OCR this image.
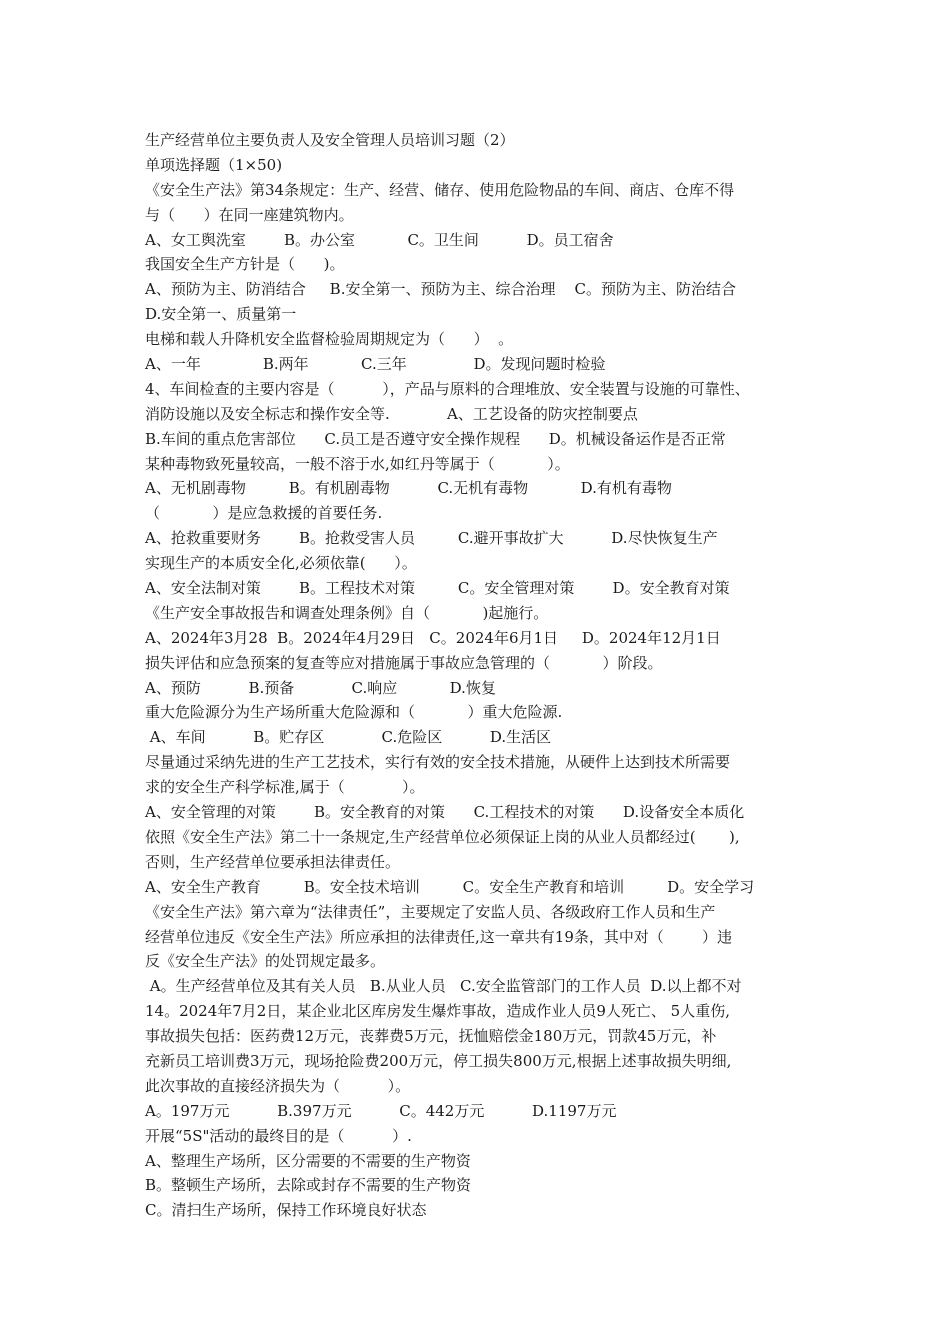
生产经营单位主要负责人及安全管理人员培训习题（2）
单项选择题（1×50)
《安全生产法》第34条规定：生产、经营、储存、使用危险物品的车间、商店、仓库不得
与（      ）在同一座建筑物内。
A、女工舆洗室        B。办公室           C。卫生间          D。员工宿舍
我国安全生产方针是（      )。
A、预防为主、防消结合     B.安全第一、预防为主、综合治理    C。预防为主、防治结合
D.安全第一、质量第一
电梯和载人升降机安全监督检验周期规定为（      ）  。
A、一年             B.两年           C.三年              D。发现问题时检验
4、车间检查的主要内容是（          ），产品与原料的合理堆放、安全装置与设施的可靠性、
消防设施以及安全标志和操作安全等.            A、工艺设备的防灾控制要点
B.车间的重点危害部位      C.员工是否遵守安全操作规程      D。机械设备运作是否正常
某种毒物致死量较高，一般不溶于水,如红丹等属于（           ）。
A、无机剧毒物         B。有机剧毒物          C.无机有毒物           D.有机有毒物
（           ）是应急救援的首要任务.
A、抢救重要财务        B。抢救受害人员         C.避开事故扩大          D.尽快恢复生产
实现生产的本质安全化,必须依靠(      ）。
A、安全法制对策        B。工程技术对策         C。安全管理对策        D。安全教育对策
《生产安全事故报告和调查处理条例》自（           )起施行。
A、2024年3月28  B。2024年4月29日   C。2024年6月1日     D。2024年12月1日
损失评估和应急预案的复查等应对措施属于事故应急管理的（           ）阶段。
A、预防          B.预备            C.响应           D.恢复
重大危险源分为生产场所重大危险源和（           ）重大危险源.
A、车间          B。贮存区            C.危险区          D.生活区
尽量通过采纳先进的生产工艺技术，实行有效的安全技术措施，从硬件上达到技术所需要
求的安全生产科学标准,属于（            ）。
A、安全管理的对策        B。安全教育的对策      C.工程技术的对策      D.设备安全本质化
依照《安全生产法》第二十一条规定,生产经营单位必须保证上岗的从业人员都经过(       ),
否则，生产经营单位要承担法律责任。
A、安全生产教育         B。安全技术培训         C。安全生产教育和培训         D。安全学习
《安全生产法》第六章为“法律责任”，主要规定了安监人员、各级政府工作人员和生产
经营单位违反《安全生产法》所应承担的法律责任,这一章共有19条，其中对（        ）违
反《安全生产法》的处罚规定最多。
A。生产经营单位及其有关人员   B.从业人员   C.安全监管部门的工作人员  D.以上都不对
14。2024年7月2日，某企业北区库房发生爆炸事故，造成作业人员9人死亡、 5人重伤,
事故损失包括：医药费12万元，丧葬费5万元，抚恤赔偿金180万元，罚款45万元，补
充新员工培训费3万元，现场抢险费200万元，停工损失800万元,根据上述事故损失明细,
此次事故的直接经济损失为（          ）。
A。197万元          B.397万元          C。442万元          D.1197万元
开展“5S"活动的最终目的是（          ）.
A、整理生产场所，区分需要的不需要的生产物资
B。整顿生产场所，去除或封存不需要的生产物资
C。清扫生产场所，保持工作环境良好状态
